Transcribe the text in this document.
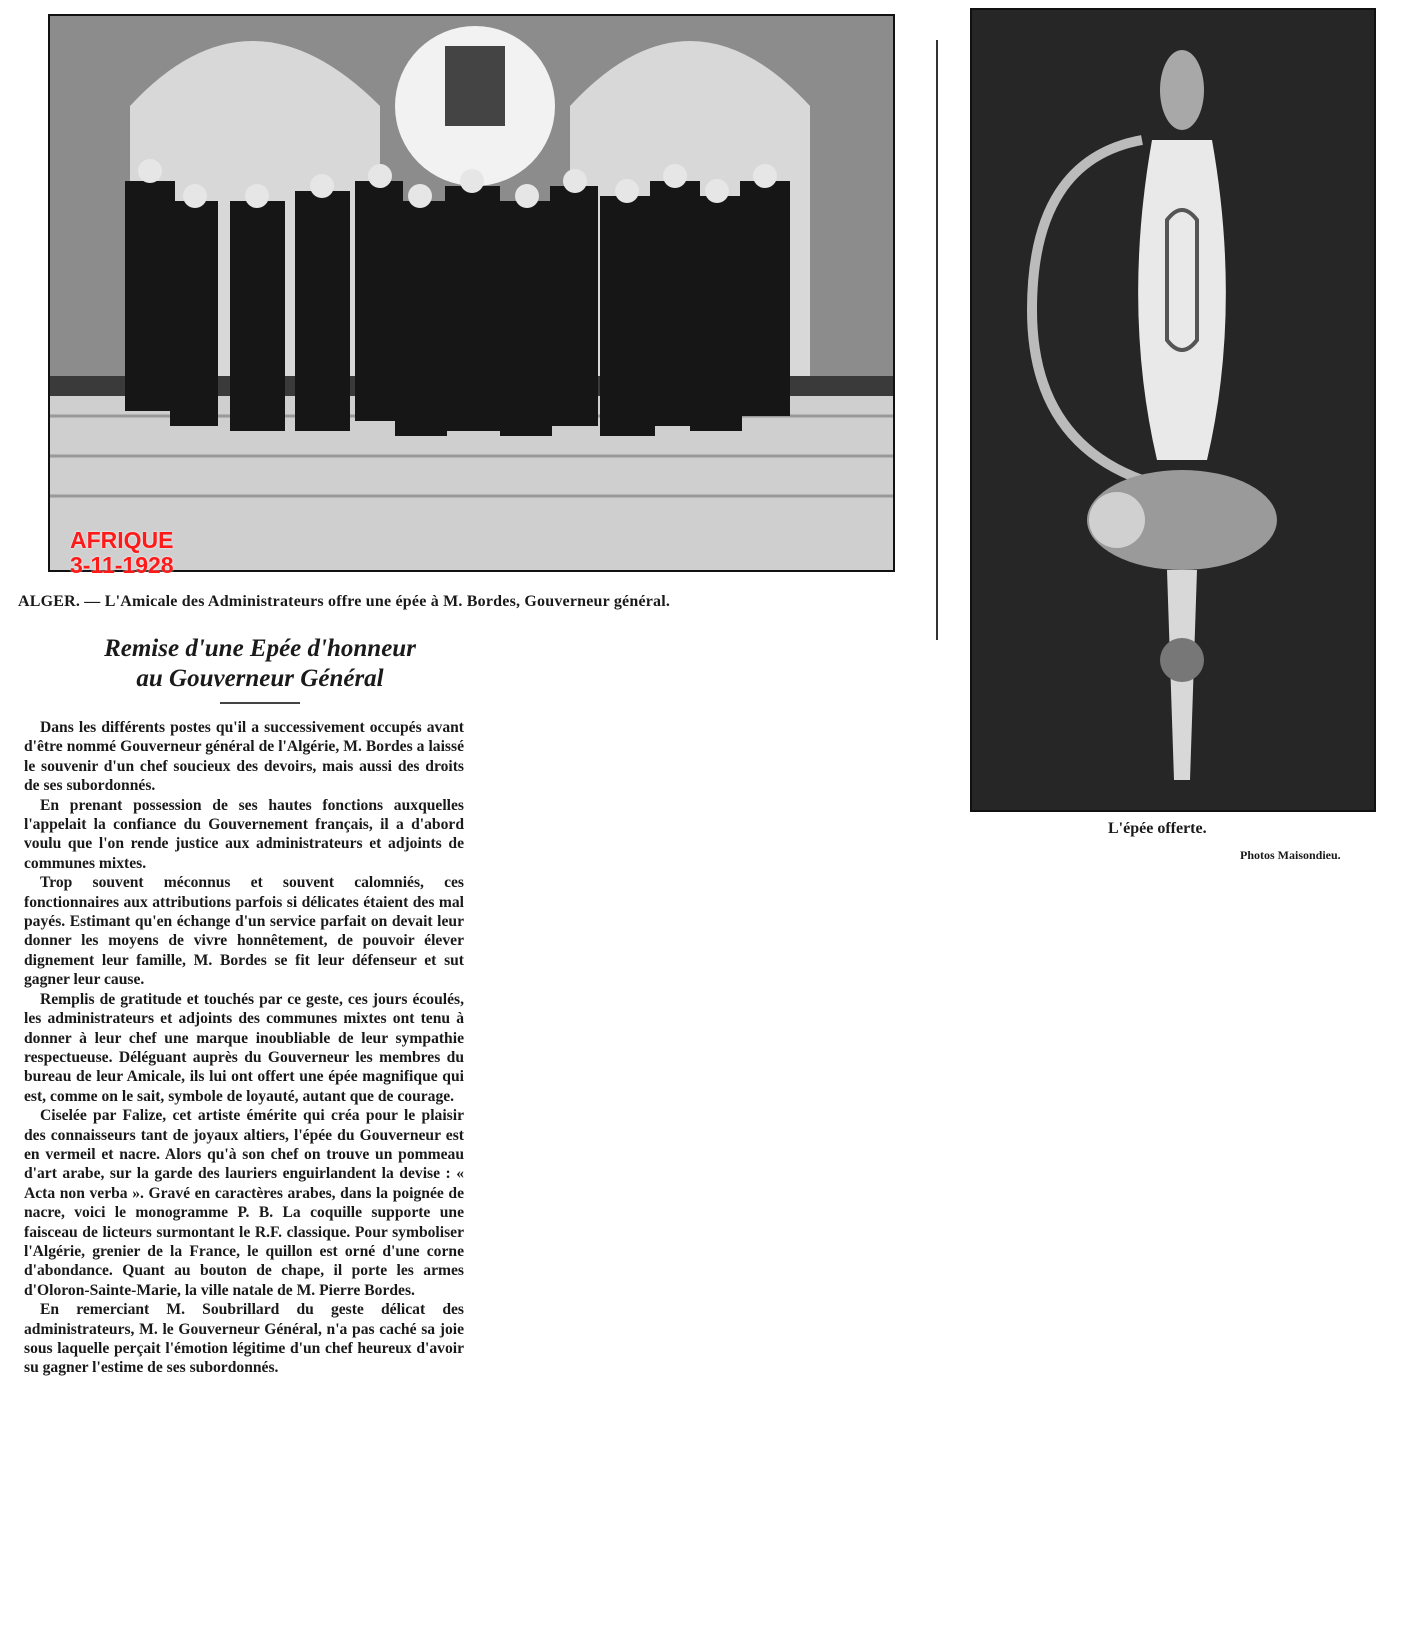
AFRIQUE
3-11-1928
ALGER. — L'Amicale des Administrateurs offre une épée à M. Bordes, Gouverneur général.
Remise d'une Epée d'honneur
au Gouverneur Général

Dans les différents postes qu'il a successivement occupés avant d'être nommé Gouverneur général de l'Algérie, M. Bordes a laissé le souvenir d'un chef soucieux des devoirs, mais aussi des droits de ses subordonnés.

En prenant possession de ses hautes fonctions auxquelles l'appelait la confiance du Gouvernement français, il a d'abord voulu que l'on rende justice aux administrateurs et adjoints de communes mixtes.

Trop souvent méconnus et souvent calomniés, ces fonctionnaires aux attributions parfois si délicates étaient des mal payés. Estimant qu'en échange d'un service parfait on devait leur donner les moyens de vivre honnêtement, de pouvoir élever dignement leur famille, M. Bordes se fit leur défenseur et sut gagner leur cause.

Remplis de gratitude et touchés par ce geste, ces jours écoulés, les administrateurs et adjoints des communes mixtes ont tenu à donner à leur chef une marque inoubliable de leur sympathie respectueuse. Déléguant auprès du Gouverneur les membres du bureau de leur Amicale, ils lui ont offert une épée magnifique qui est, comme on le sait, symbole de loyauté, autant que de courage.

Ciselée par Falize, cet artiste émérite qui créa pour le plaisir des connaisseurs tant de joyaux altiers, l'épée du Gouverneur est en vermeil et nacre. Alors qu'à son chef on trouve un pommeau d'art arabe, sur la garde des lauriers enguirlandent la devise : « Acta non verba ». Gravé en caractères arabes, dans la poignée de nacre, voici le monogramme P. B. La coquille supporte une faisceau de licteurs surmontant le R.F. classique. Pour symboliser l'Algérie, grenier de la France, le quillon est orné d'une corne d'abondance. Quant au bouton de chape, il porte les armes d'Oloron-Sainte-Marie, la ville natale de M. Pierre Bordes.

En remerciant M. Soubrillard du geste délicat des administrateurs, M. le Gouverneur Général, n'a pas caché sa joie sous laquelle perçait l'émotion légitime d'un chef heureux d'avoir su gagner l'estime de ses subordonnés.

L'épée offerte.
Photos Maisondieu.
